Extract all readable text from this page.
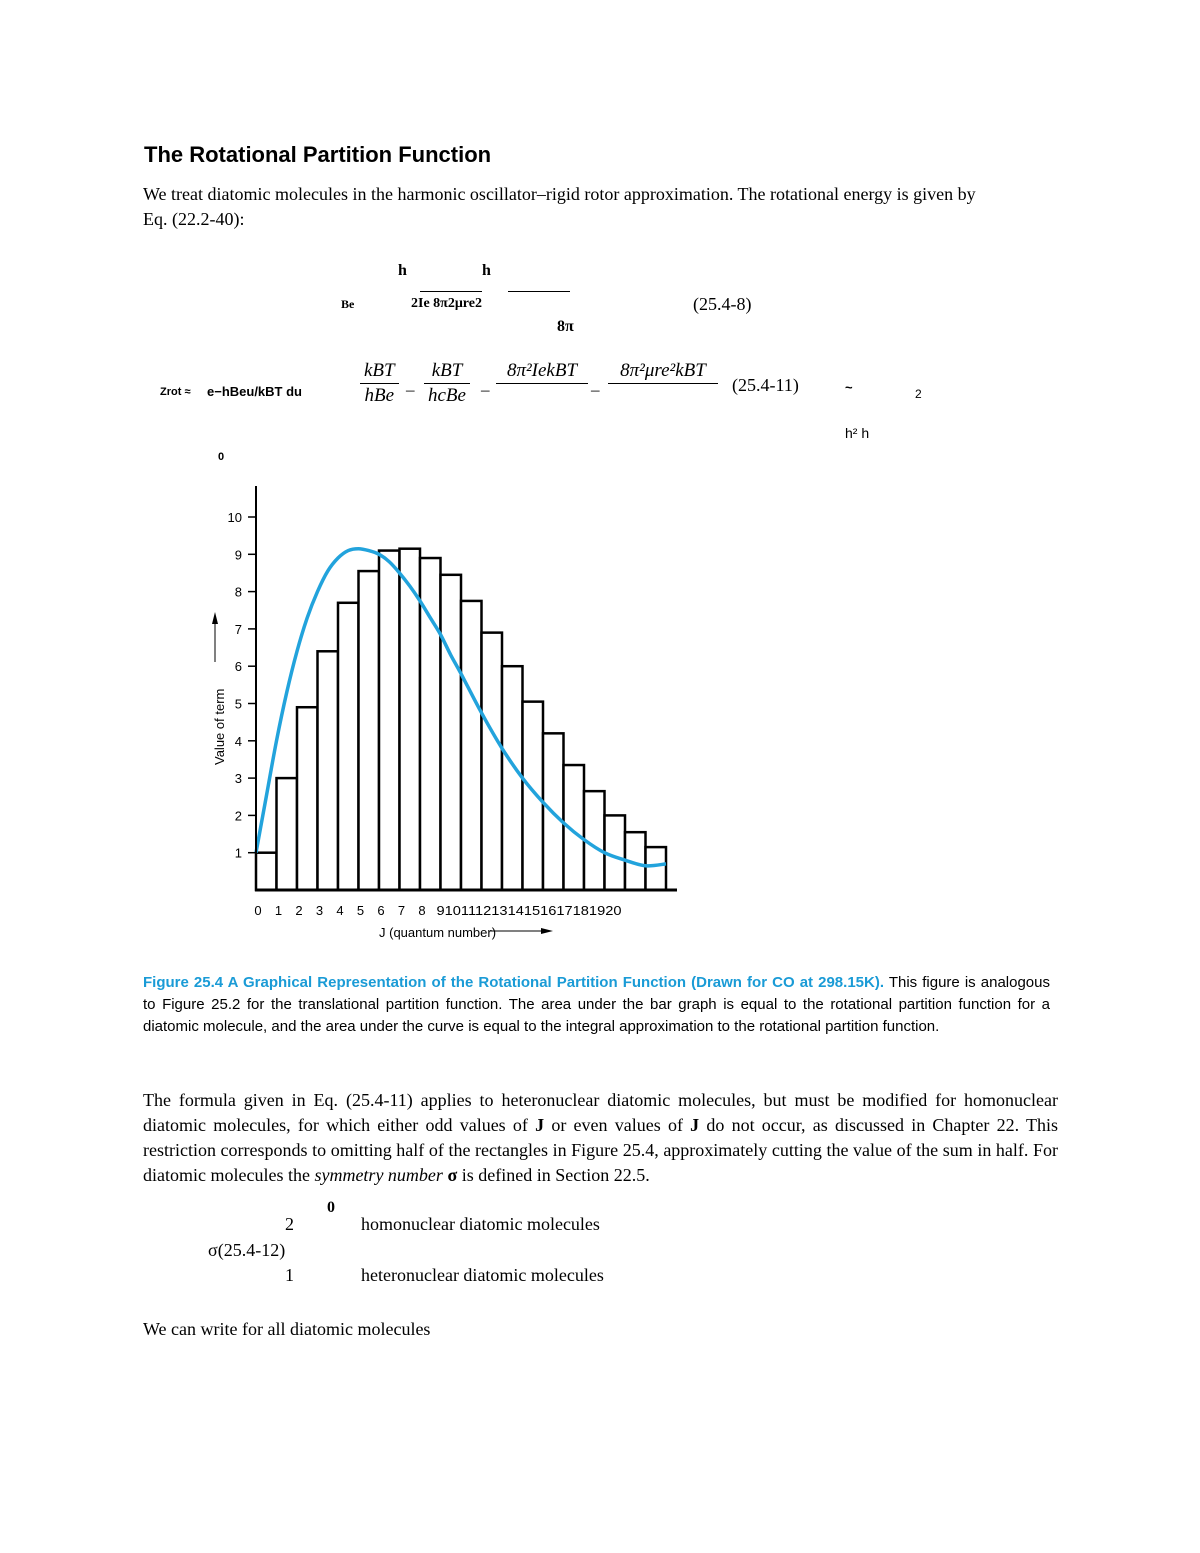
The Rotational Partition Function
We treat diatomic molecules in the harmonic oscillator–rigid rotor approximation. The rotational energy is given by
Eq. (22.2-40):
h	h
Be	2Ie 8π2μre2	(25.4-8)
8π
Zrot ≈ e−hBeu/kBT du
kBT
hBe –
kBT
hcBe –
8π²IekBT
–
8π²μre²kBT
(25.4-11)	~	2
h² h
0
1
2
3
4
5
6
7
8
9
10
0 1 2 3 4 5 6 7 8 91011121314151617181920
Value of term
J (quantum number)
Figure 25.4 A Graphical Representation of the Rotational Partition Function (Drawn for CO at 298.15K). This figure is analogous to Figure 25.2 for the translational partition function. The area under the bar graph is equal to the rotational partition function for a diatomic molecule, and the area under the curve is equal to the integral approximation to the rotational partition function.
The formula given in Eq. (25.4-11) applies to heteronuclear diatomic molecules, but must be modified for homonuclear diatomic molecules, for which either odd values of J or even values of J do not occur, as discussed in Chapter 22. This restriction corresponds to omitting half of the rectangles in Figure 25.4, approximately cutting the value of the sum in half. For diatomic molecules the symmetry number σ is defined in Section 22.5.
0
2	homonuclear diatomic molecules
σ(25.4-12)
1	heteronuclear diatomic molecules
We can write for all diatomic molecules
